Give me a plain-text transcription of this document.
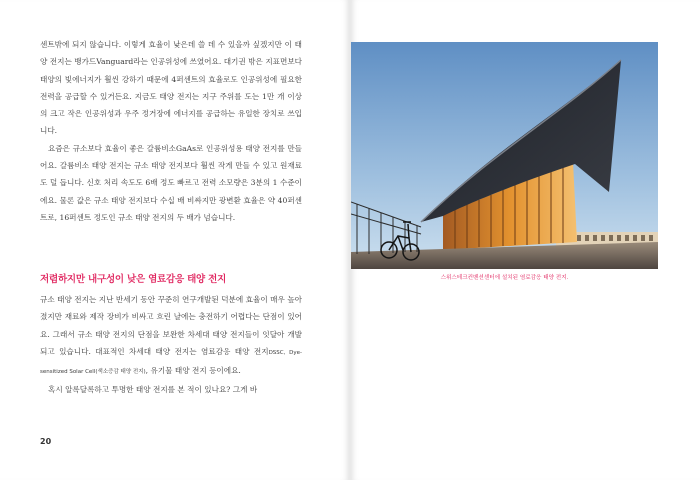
센트밖에 되지 않습니다. 이렇게 효율이 낮은데 쓸 데 수 있을까 싶겠지만 이 태양 전지는 뱅가드Vanguard라는 인공위성에 쓰였어요. 대기권 밖은 지표면보다 태양의 빛에너지가 훨씬 강하기 때문에 4퍼센트의 효율로도 인공위성에 필요한 전력을 공급할 수 있거든요. 지금도 태양 전지는 지구 주위를 도는 1만 개 이상의 크고 작은 인공위성과 우주 정거장에 에너지를 공급하는 유일한 장치로 쓰입니다.

요즘은 규소보다 효율이 좋은 갈륨비소GaAs로 인공위성용 태양 전지를 만들어요. 갈륨비소 태양 전지는 규소 태양 전지보다 훨씬 작게 만들 수 있고 원재료도 덜 듭니다. 신호 처리 속도도 6배 정도 빠르고 전력 소모량은 3분의 1 수준이에요. 물론 값은 규소 태양 전지보다 수십 배 비싸지만 광변환 효율은 약 40퍼센트로, 16퍼센트 정도인 규소 태양 전지의 두 배가 넘습니다.

저렴하지만 내구성이 낮은 염료감응 태양 전지

규소 태양 전지는 지난 반세기 동안 꾸준히 연구개발된 덕분에 효율이 매우 높아졌지만 재료와 제작 장비가 비싸고 흐린 날에는 충전하기 어렵다는 단점이 있어요. 그래서 규소 태양 전지의 단점을 보완한 차세대 태양 전지들이 잇달아 개발되고 있습니다. 대표적인 차세대 태양 전지는 염료감응 태양 전지DSSC, Dye-sensitized Solar Cell(색소증감 태양 전지), 유기물 태양 전지 등이에요.

혹시 알록달록하고 투명한 태양 전지를 본 적이 있나요? 그게 바

20
스위스테크컨벤션센터에 설치된 염료감응 태양 전지.
